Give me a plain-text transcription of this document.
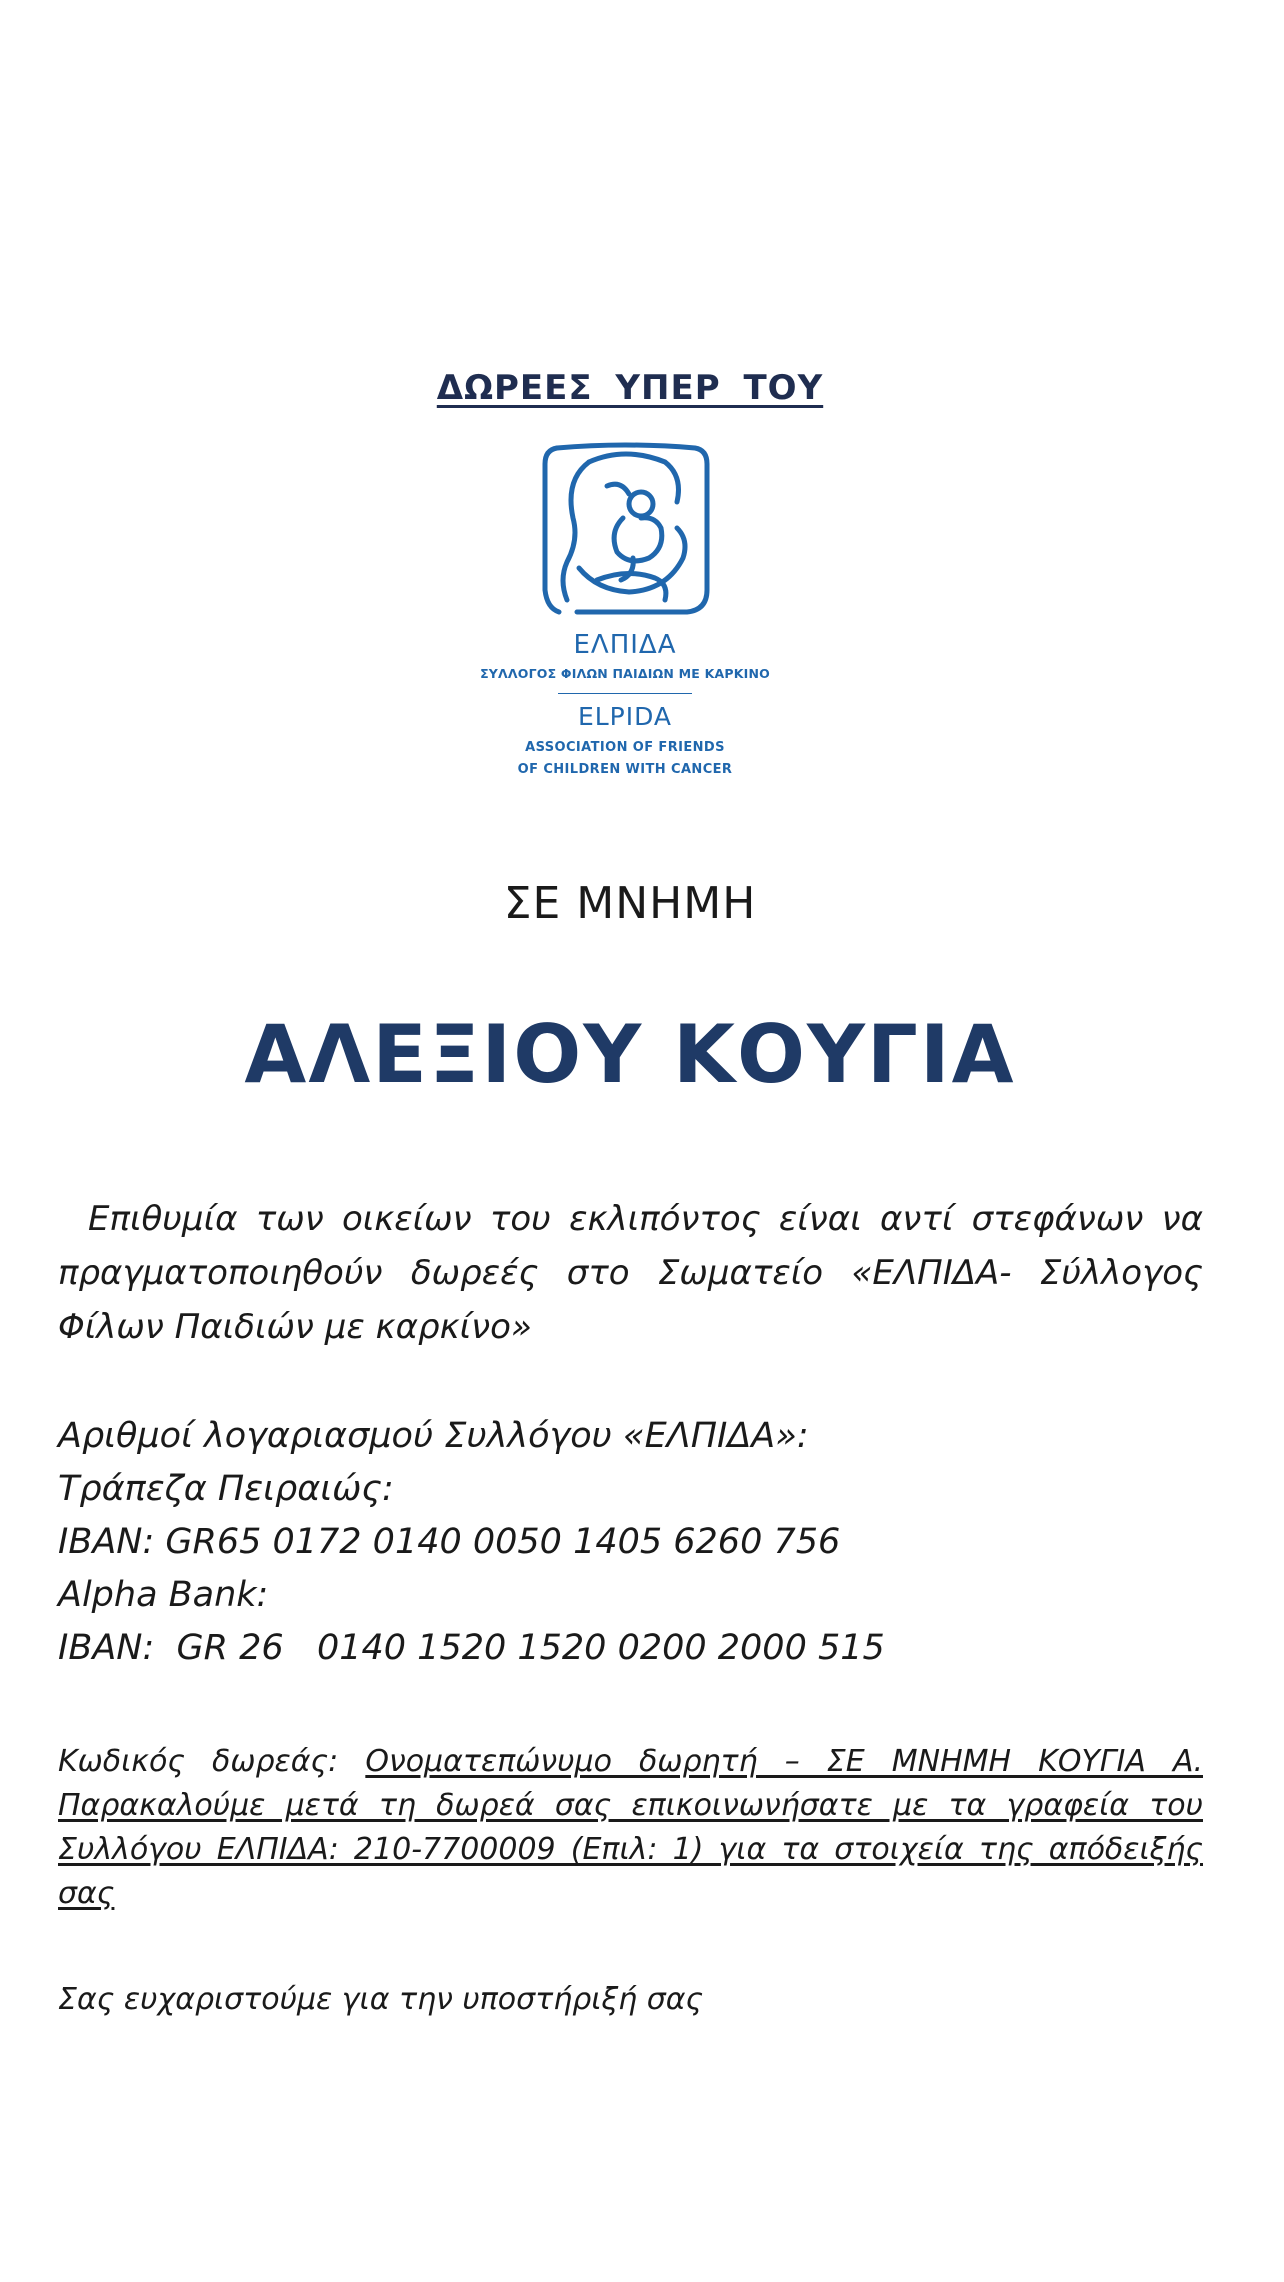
ΔΩΡΕΕΣ ΥΠΕΡ ΤΟΥ
ΕΛΠΙΔΑ
ΣΥΛΛΟΓΟΣ ΦΙΛΩΝ ΠΑΙΔΙΩΝ ΜΕ ΚΑΡΚΙΝΟ
ELPIDA
ASSOCIATION OF FRIENDS
OF CHILDREN WITH CANCER
ΣΕ ΜΝΗΜΗ
ΑΛΕΞΙΟΥ ΚΟΥΓΙΑ
Επιθυμία των οικείων του εκλιπόντος είναι αντί στεφάνων να
πραγματοποιηθούν δωρεές στο Σωματείο «ΕΛΠΙΔΑ- Σύλλογος
Φίλων Παιδιών με καρκίνο»
Αριθμοί λογαριασμού Συλλόγου «ΕΛΠΙΔΑ»:
Τράπεζα Πειραιώς:
IBAN: GR65 0172 0140 0050 1405 6260 756
Alpha Bank:
IBAN:  GR 26   0140 1520 1520 0200 2000 515
Κωδικός δωρεάς: Ονοματεπώνυμο δωρητή – ΣΕ ΜΝΗΜΗ ΚΟΥΓΙΑ Α.
Παρακαλούμε μετά τη δωρεά σας επικοινωνήσατε με τα γραφεία του
Συλλόγου ΕΛΠΙΔΑ: 210-7700009 (Επιλ: 1) για τα στοιχεία της απόδειξής
σας
Σας ευχαριστούμε για την υποστήριξή σας
